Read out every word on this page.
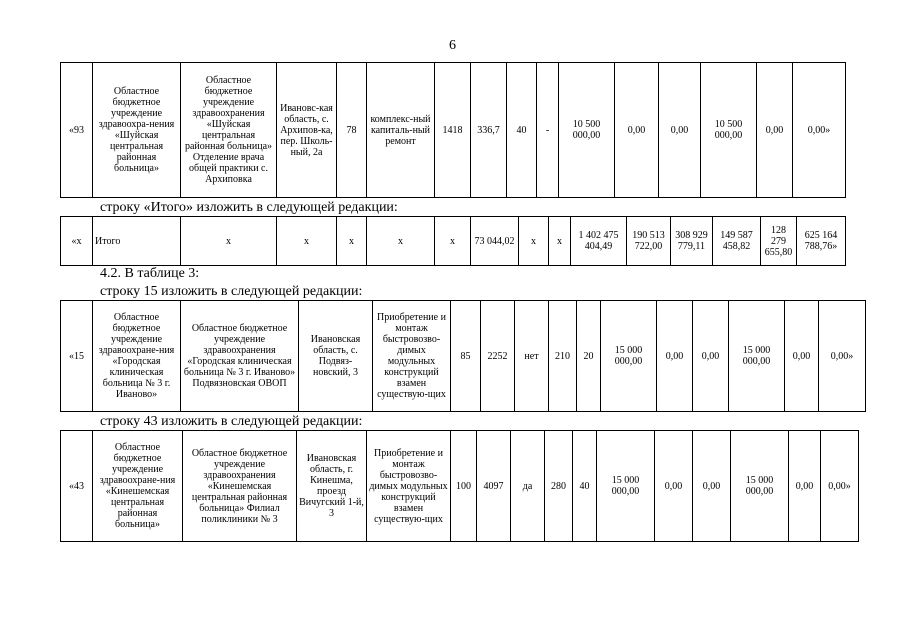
6
«93	Областное бюджетное учреждение здравоохра-нения «Шуйская центральная районная больница»	Областное бюджетное учреждение здравоохранения «Шуйская центральная районная больница» Отделение врача общей практики с. Архиповка	Ивановс-кая область, с. Архипов-ка, пер. Школь-ный, 2а	78	комплекс-ный капиталь-ный ремонт	1418	336,7	40	-	10 500 000,00	0,00	0,00	10 500 000,00	0,00	0,00»
строку «Итого» изложить в следующей редакции:
«х	Итого	х	х	х	х	х	73 044,02	х	х	1 402 475 404,49	190 513 722,00	308 929 779,11	149 587 458,82	128 279 655,80	625 164 788,76»
4.2. В таблице 3:
строку 15 изложить в следующей редакции:
«15	Областное бюджетное учреждение здравоохране-ния «Городская клиническая больница № 3 г. Иваново»	Областное бюджетное учреждение здравоохранения «Городская клиническая больница № 3 г. Иваново» Подвязновская ОВОП	Ивановская область, с. Подвяз-новский, 3	Приобретение и монтаж быстровозво-димых модульных конструкций взамен существую-щих	85	2252	нет	210	20	15 000 000,00	0,00	0,00	15 000 000,00	0,00	0,00»
строку 43 изложить в следующей редакции:
«43	Областное бюджетное учреждение здравоохране-ния «Кинешемская центральная районная больница»	Областное бюджетное учреждение здравоохранения «Кинешемская центральная районная больница» Филиал поликлиники № 3	Ивановская область, г. Кинешма, проезд Вичугский 1-й, 3	Приобретение и монтаж быстровозво-димых модульных конструкций взамен существую-щих	100	4097	да	280	40	15 000 000,00	0,00	0,00	15 000 000,00	0,00	0,00»
